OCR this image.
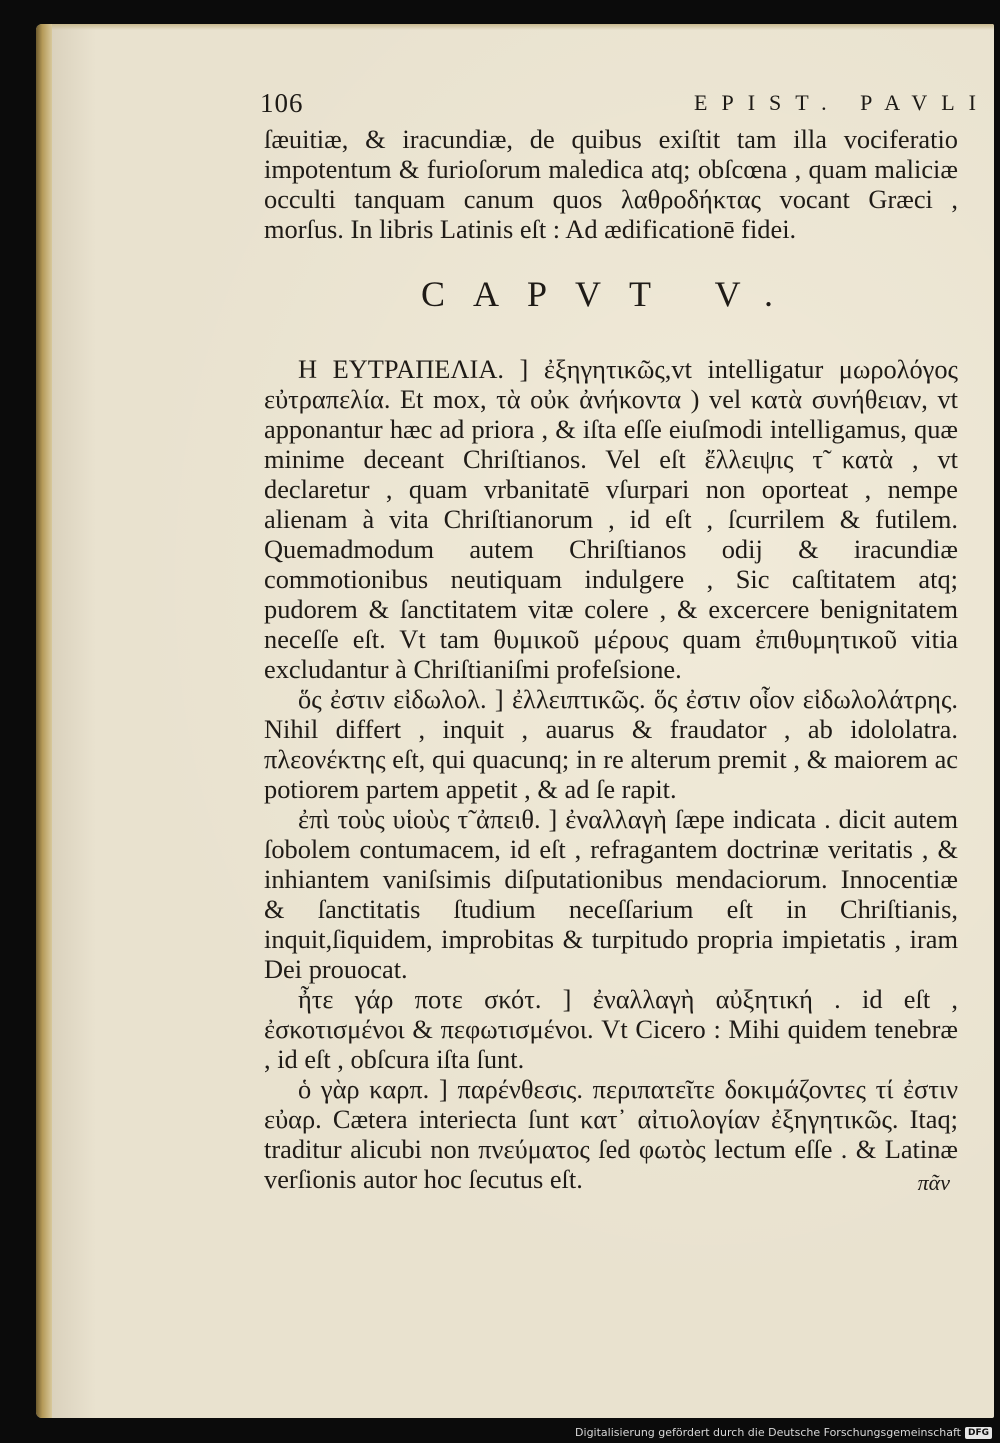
106	EPIST. PAVLI

ſæuitiæ, & iracundiæ, de quibus exiſtit tam illa vociferatio impotentum & furioſorum maledica atq; obſcœna , quam maliciæ occulti tanquam canum quos λαθροδήκτας vocant Græci , morſus. In libris Latinis eſt : Ad ædificationē fidei.

CAPVT V.

Η ΕΥΤΡΑΠΕΛΙΑ. ] ἐξηγητικῶς,vt intelligatur μωρολόγος εὐτραπελία. Et mox, τὰ οὐκ ἀνήκοντα ) vel κατὰ συνήθειαν, vt apponantur hæc ad priora , & iſta eſſe eiuſmodi intelligamus, quæ minime deceant Chriſtianos. Vel eſt ἔλλειψις τ̃ κατὰ , vt declaretur , quam vrbanitatē vſurpari non oporteat , nempe alienam à vita Chriſtianorum , id eſt , ſcurrilem & futilem. Quemadmodum autem Chriſtianos odij & iracundiæ commotionibus neutiquam indulgere , Sic caſtitatem atq; pudorem & ſanctitatem vitæ colere , & excercere benignitatem neceſſe eſt. Vt tam θυμικοῦ μέρους quam ἐπιθυμητικοῦ vitia excludantur à Chriſtianiſmi profeſsione.

ὅς ἐστιν εἰδωλολ. ] ἐλλειπτικῶς. ὅς ἐστιν οἷον εἰδωλολάτρης. Nihil differt , inquit , auarus & fraudator , ab idololatra. πλεονέκτης eſt, qui quacunq; in re alterum premit , & maiorem ac potiorem partem appetit , & ad ſe rapit.

ἐπὶ τοὺς υἱοὺς τ̃ ἀπειθ. ] ἐναλλαγὴ ſæpe indicata . dicit autem ſobolem contumacem, id eſt , refragantem doctrinæ veritatis , & inhiantem vaniſsimis diſputationibus mendaciorum. Innocentiæ & ſanctitatis ſtudium neceſſarium eſt in Chriſtianis, inquit,ſiquidem, improbitas & turpitudo propria impietatis , iram Dei prouocat.

ἦτε γάρ ποτε σκότ. ] ἐναλλαγὴ αὐξητική . id eſt , ἐσκοτισμένοι & πεφωτισμένοι. Vt Cicero : Mihi quidem tenebræ , id eſt , obſcura iſta ſunt.

ὁ γὰρ καρπ. ] παρένθεσις. περιπατεῖτε δοκιμάζοντες τί ἐστιν εὐαρ. Cætera interiecta ſunt κατ᾽ αἰτιολογίαν ἐξηγητικῶς. Itaq; traditur alicubi non πνεύματος ſed φωτὸς lectum eſſe . & Latinæ verſionis autor hoc ſecutus eſt.	πᾶν
Digitalisierung gefördert durch die Deutsche Forschungsgemeinschaft DFG
